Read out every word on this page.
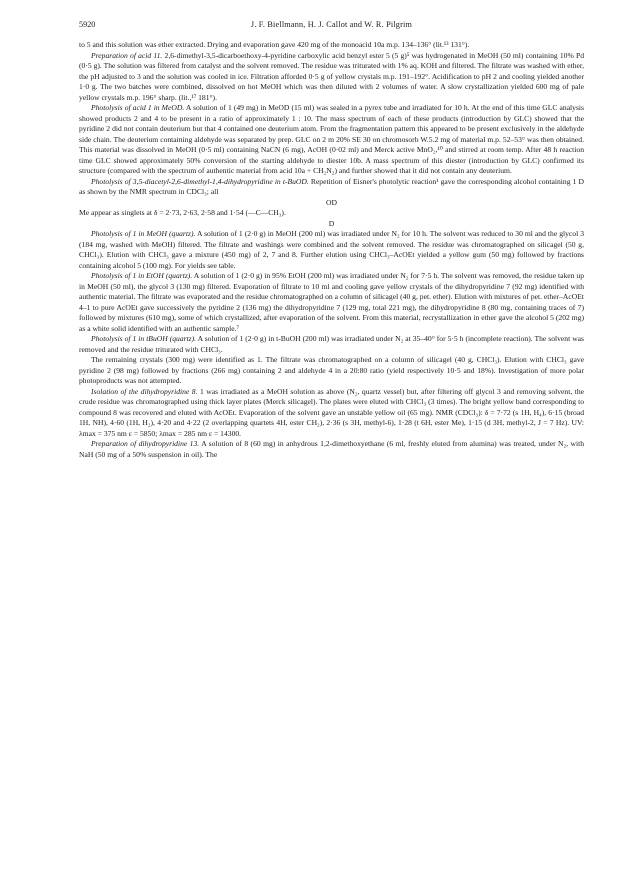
5920	J. F. Biellmann, H. J. Callot and W. R. Pilgrim

to 5 and this solution was ether extracted. Drying and evaporation gave 420 mg of the monoacid 10a m.p. 134–136° (lit.¹³ 131°).

Preparation of acid 11. 2,6-dimethyl-3,5-dicarboethoxy-4-pyridine carboxylic acid benzyl ester 5 (5 g)⁵ was hydrogenated in MeOH (50 ml) containing 10% Pd (0·5 g). The solution was filtered from catalyst and the solvent removed. The residue was triturated with 1% aq. KOH and filtered. The filtrate was washed with ether, the pH adjusted to 3 and the solution was cooled in ice. Filtration afforded 0·5 g of yellow crystals m.p. 191–192°. Acidification to pH 2 and cooling yielded another 1·0 g. The two batches were combined, dissolved on hot MeOH which was then diluted with 2 volumes of water. A slow crystallization yielded 600 mg of pale yellow crystals m.p. 196° sharp. (lit.,¹⁷ 181°).

Photolysis of acid 1 in MeOD. A solution of 1 (49 mg) in MeOD (15 ml) was sealed in a pyrex tube and irradiated for 10 h. At the end of this time GLC analysis showed products 2 and 4 to be present in a ratio of approximately 1 : 10. The mass spectrum of each of these products (introduction by GLC) showed that the pyridine 2 did not contain deuterium but that 4 contained one deuterium atom. From the fragmentation pattern this appeared to be present exclusively in the aldehyde side chain. The deuterium containing aldehyde was separated by prep. GLC on 2 m 20% SE 30 on chromosorb W.5.2 mg of material m.p. 52–53° was then obtained. This material was dissolved in MeOH (0·5 ml) containing NaCN (6 mg), AcOH (0·02 ml) and Merck active MnO₂,¹⁰ and stirred at room temp. After 48 h reaction time GLC showed approximately 50% conversion of the starting aldehyde to diester 10b. A mass spectrum of this diester (introduction by GLC) confirmed its structure (compared with the spectrum of authentic material from acid 10a + CH₂N₂) and further showed that it did not contain any deuterium.

Photolysis of 3,5-diacetyl-2,6-dimethyl-1,4-dihydropyridine in t-BuOD. Repetition of Eisner's photolytic reaction¹ gave the corresponding alcohol containing 1 D as shown by the NMR spectrum in CDCl₃; all

OD

Me appear as singlets at δ = 2·73, 2·63, 2·58 and 1·54 (—C—CH₃).

D

Photolysis of 1 in MeOH (quartz). A solution of 1 (2·0 g) in MeOH (200 ml) was irradiated under N₂ for 10 h. The solvent was reduced to 30 ml and the glycol 3 (184 mg, washed with MeOH) filtered. The filtrate and washings were combined and the solvent removed. The residue was chromatographed on silicagel (50 g, CHCl₃). Elution with CHCl₃ gave a mixture (450 mg) of 2, 7 and 8. Further elution using CHCl₃–AcOEt yielded a yellow gum (50 mg) followed by fractions containing alcohol 5 (100 mg). For yields see table.

Photolysis of 1 in EtOH (quartz). A solution of 1 (2·0 g) in 95% EtOH (200 ml) was irradiated under N₂ for 7·5 h. The solvent was removed, the residue taken up in MeOH (50 ml), the glycol 3 (130 mg) filtered. Evaporation of filtrate to 10 ml and cooling gave yellow crystals of the dihydropyridine 7 (92 mg) identified with authentic material. The filtrate was evaporated and the residue chromatographed on a column of silicagel (40 g, pet. ether). Elution with mixtures of pet. ether–AcOEt 4–1 to pure AcOEt gave successively the pyridine 2 (136 mg) the dihydropyridine 7 (129 mg, total 221 mg), the dihydropyridine 8 (80 mg, containing traces of 7) followed by mixtures (610 mg), some of which crystallized, after evaporation of the solvent. From this material, recrystallization in ether gave the alcohol 5 (202 mg) as a white solid identified with an authentic sample.⁷

Photolysis of 1 in tBuOH (quartz). A solution of 1 (2·0 g) in t-BuOH (200 ml) was irradiated under N₂ at 35–40° for 5·5 h (incomplete reaction). The solvent was removed and the residue triturated with CHCl₃.

The remaining crystals (300 mg) were identified as 1. The filtrate was chromatographed on a column of silicagel (40 g, CHCl₃). Elution with CHCl₃ gave pyridine 2 (98 mg) followed by fractions (266 mg) containing 2 and aldehyde 4 in a 20:80 ratio (yield respectively 10·5 and 18%). Investigation of more polar photoproducts was not attempted.

Isolation of the dihydropyridine 8. 1 was irradiated as a MeOH solution as above (N₂, quartz vessel) but, after filtering off glycol 3 and removing solvent, the crude residue was chromatographed using thick layer plates (Merck silicagel). The plates were eluted with CHCl₃ (3 times). The bright yellow band corresponding to compound 8 was recovered and eluted with AcOEt. Evaporation of the solvent gave an unstable yellow oil (65 mg). NMR (CDCl₃): δ = 7·72 (s 1H, H₄), 6·15 (broad 1H, NH), 4·60 (1H, H₂), 4·20 and 4·22 (2 overlapping quartets 4H, ester CH₂), 2·36 (s 3H, methyl-6), 1·28 (t 6H, ester Me), 1·15 (d 3H, methyl-2, J = 7 Hz). UV: λmax = 375 nm ε = 5850; λmax = 285 nm ε = 14300.

Preparation of dihydropyridine 13. A solution of 8 (60 mg) in anhydrous 1,2-dimethoxyethane (6 ml, freshly eluted from alumina) was treated, under N₂, with NaH (50 mg of a 50% suspension in oil). The
